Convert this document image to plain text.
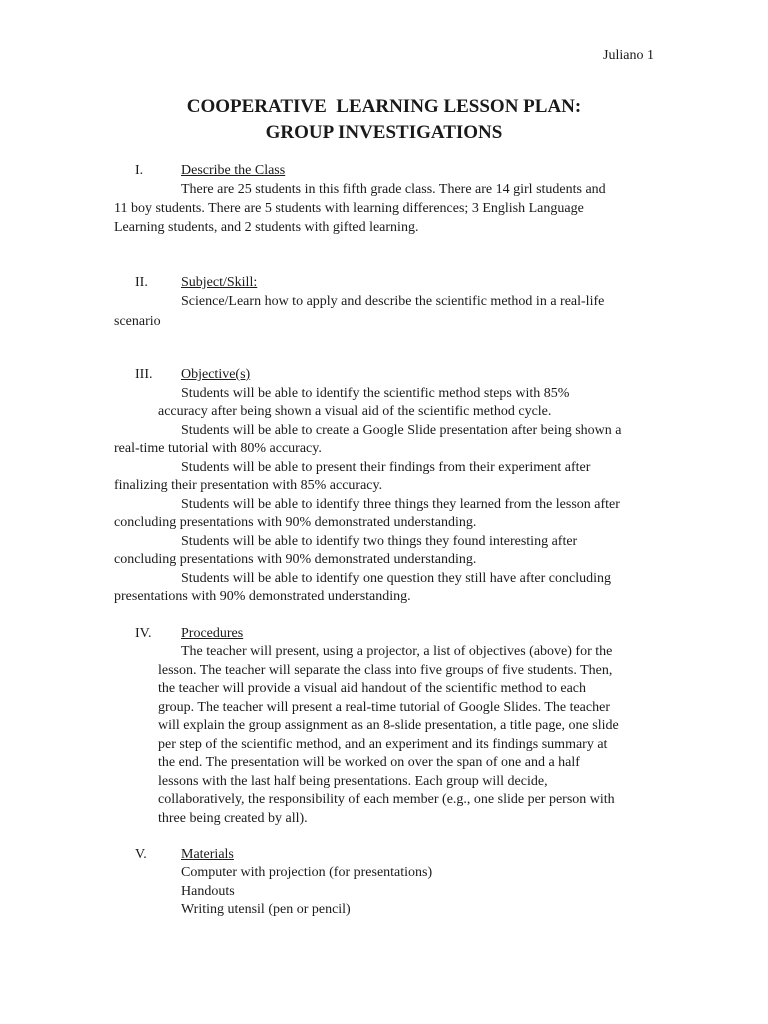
Juliano 1
COOPERATIVE  LEARNING LESSON PLAN:
GROUP INVESTIGATIONS
I.	Describe the Class
There are 25 students in this fifth grade class. There are 14 girl students and
11 boy students. There are 5 students with learning differences; 3 English Language
Learning students, and 2 students with gifted learning.
II. Subject/Skill:
Science/Learn how to apply and describe the scientific method in a real-life
scenario
III. Objective(s)
Students will be able to identify the scientific method steps with 85%
accuracy after being shown a visual aid of the scientific method cycle.
Students will be able to create a Google Slide presentation after being shown a
real-time tutorial with 80% accuracy.
Students will be able to present their findings from their experiment after
finalizing their presentation with 85% accuracy.
Students will be able to identify three things they learned from the lesson after
concluding presentations with 90% demonstrated understanding.
Students will be able to identify two things they found interesting after
concluding presentations with 90% demonstrated understanding.
Students will be able to identify one question they still have after concluding
presentations with 90% demonstrated understanding.
IV. Procedures
The teacher will present, using a projector, a list of objectives (above) for the
lesson. The teacher will separate the class into five groups of five students. Then,
the teacher will provide a visual aid handout of the scientific method to each
group. The teacher will present a real-time tutorial of Google Slides. The teacher
will explain the group assignment as an 8-slide presentation, a title page, one slide
per step of the scientific method, and an experiment and its findings summary at
the end. The presentation will be worked on over the span of one and a half
lessons with the last half being presentations. Each group will decide,
collaboratively, the responsibility of each member (e.g., one slide per person with
three being created by all).
V. Materials
Computer with projection (for presentations)
Handouts
Writing utensil (pen or pencil)
